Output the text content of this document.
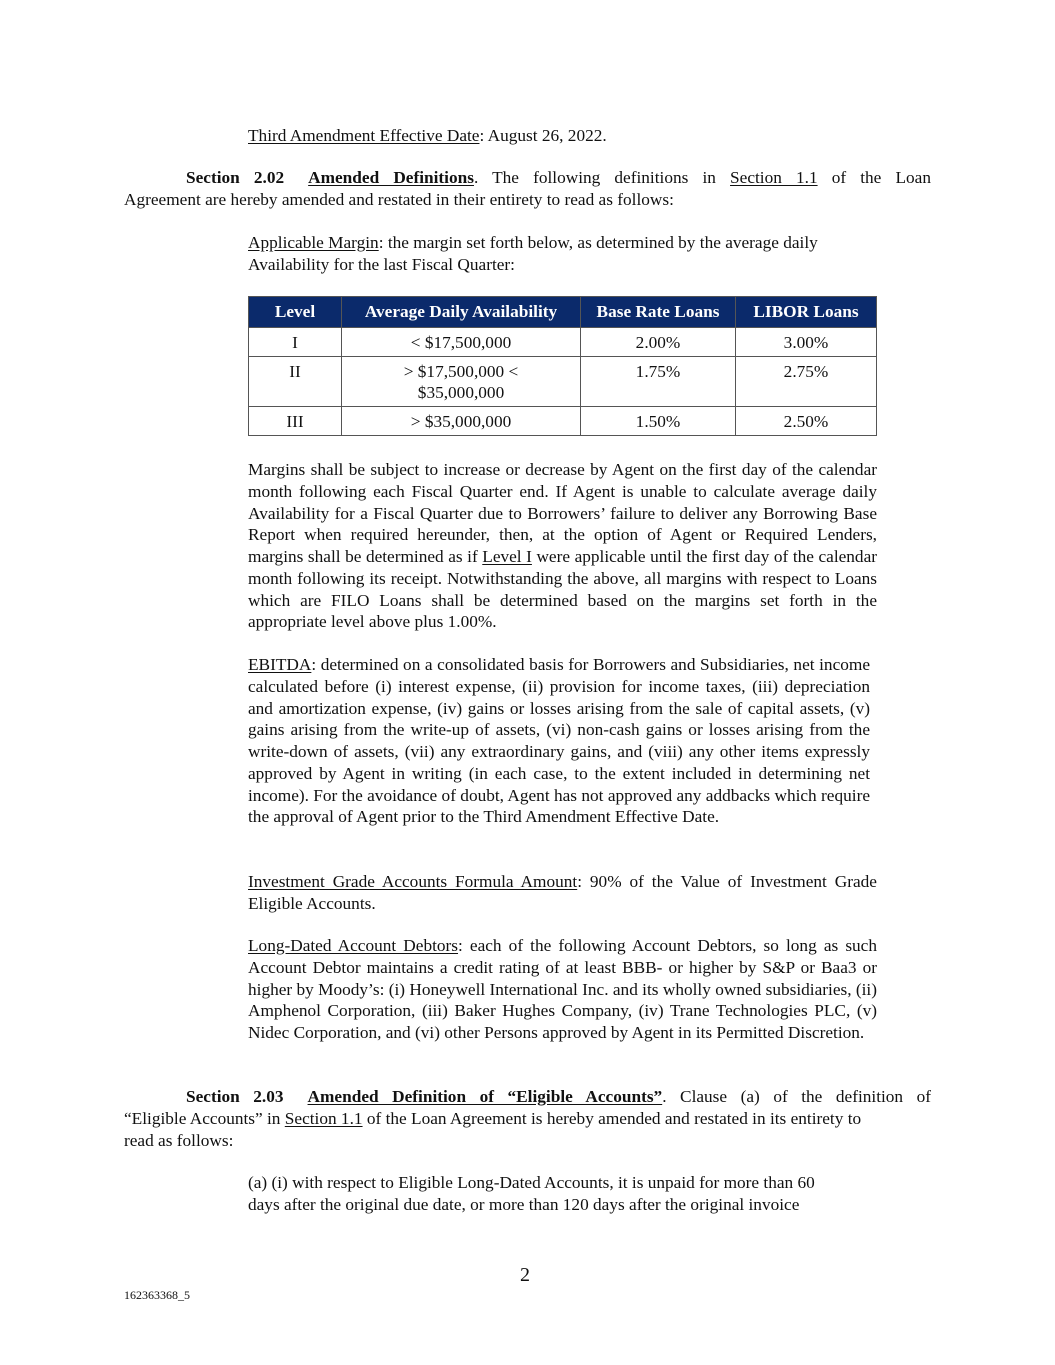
Third Amendment Effective Date: August 26, 2022.
Section 2.02 Amended Definitions. The following definitions in Section 1.1 of the Loan
Agreement are hereby amended and restated in their entirety to read as follows:
Applicable Margin: the margin set forth below, as determined by the average daily
Availability for the last Fiscal Quarter:
Level	Average Daily Availability	Base Rate Loans	LIBOR Loans
I	< $17,500,000	2.00%	3.00%
II	> $17,500,000 <
$35,000,000	1.75%	2.75%
III	> $35,000,000	1.50%	2.50%
Margins shall be subject to increase or decrease by Agent on the first day of the calendar month following each Fiscal Quarter end. If Agent is unable to calculate average daily Availability for a Fiscal Quarter due to Borrowers’ failure to deliver any Borrowing Base Report when required hereunder, then, at the option of Agent or Required Lenders, margins shall be determined as if Level I were applicable until the first day of the calendar month following its receipt. Notwithstanding the above, all margins with respect to Loans which are FILO Loans shall be determined based on the margins set forth in the appropriate level above plus 1.00%.
EBITDA: determined on a consolidated basis for Borrowers and Subsidiaries, net income calculated before (i) interest expense, (ii) provision for income taxes, (iii) depreciation and amortization expense, (iv) gains or losses arising from the sale of capital assets, (v) gains arising from the write-up of assets, (vi) non-cash gains or losses arising from the write-down of assets, (vii) any extraordinary gains, and (viii) any other items expressly approved by Agent in writing (in each case, to the extent included in determining net income). For the avoidance of doubt, Agent has not approved any addbacks which require the approval of Agent prior to the Third Amendment Effective Date.
Investment Grade Accounts Formula Amount: 90% of the Value of Investment Grade Eligible Accounts.
Long-Dated Account Debtors: each of the following Account Debtors, so long as such Account Debtor maintains a credit rating of at least BBB- or higher by S&P or Baa3 or higher by Moody’s: (i) Honeywell International Inc. and its wholly owned subsidiaries, (ii) Amphenol Corporation, (iii) Baker Hughes Company, (iv) Trane Technologies PLC, (v) Nidec Corporation, and (vi) other Persons approved by Agent in its Permitted Discretion.
Section 2.03 Amended Definition of “Eligible Accounts”. Clause (a) of the definition of
“Eligible Accounts” in Section 1.1 of the Loan Agreement is hereby amended and restated in its entirety to
read as follows:
(a) (i) with respect to Eligible Long-Dated Accounts, it is unpaid for more than 60
days after the original due date, or more than 120 days after the original invoice
2
162363368_5
